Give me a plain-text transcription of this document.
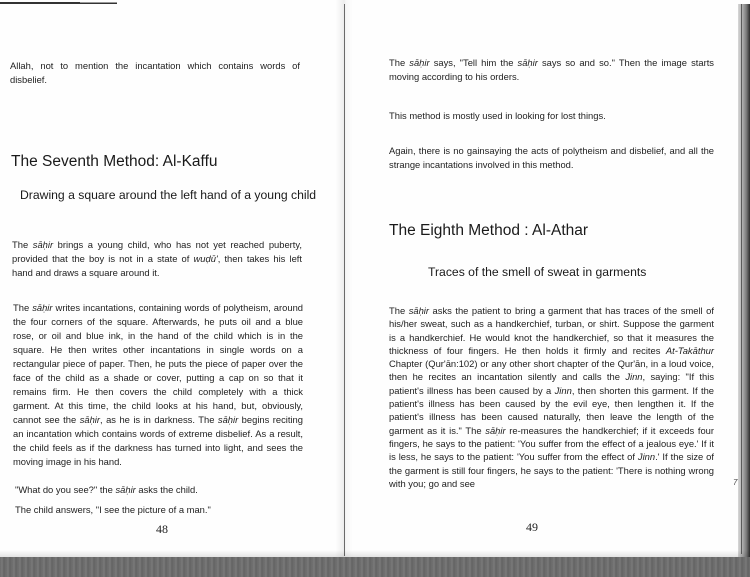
Allah, not to mention the incantation which contains words of disbelief.

The Seventh Method: Al-Kaffu
Drawing a square around the left hand of a young child

The sāḥir brings a young child, who has not yet reached puberty, provided that the boy is not in a state of wuḍū', then takes his left hand and draws a square around it.

The sāḥir writes incantations, containing words of polytheism, around the four corners of the square. Afterwards, he puts oil and a blue rose, or oil and blue ink, in the hand of the child which is in the square. He then writes other incantations in single words on a rectangular piece of paper. Then, he puts the piece of paper over the face of the child as a shade or cover, putting a cap on so that it remains firm. He then covers the child completely with a thick garment. At this time, the child looks at his hand, but, obviously, cannot see the sāḥir, as he is in darkness. The sāḥir begins reciting an incantation which contains words of extreme disbelief. As a result, the child feels as if the darkness has turned into light, and sees the moving image in his hand.

"What do you see?" the sāḥir asks the child.

The child answers, "I see the picture of a man."

48

The sāḥir says, "Tell him the sāḥir says so and so." Then the image starts moving according to his orders.

This method is mostly used in looking for lost things.

Again, there is no gainsaying the acts of polytheism and disbelief, and all the strange incantations involved in this method.

The Eighth Method : Al-Athar
Traces of the smell of sweat in garments

The sāḥir asks the patient to bring a garment that has traces of the smell of his/her sweat, such as a handkerchief, turban, or shirt. Suppose the garment is a handkerchief. He would knot the handkerchief, so that it measures the thickness of four fingers. He then holds it firmly and recites At-Takāthur Chapter (Qur'ān:102) or any other short chapter of the Qur'ān, in a loud voice, then he recites an incantation silently and calls the Jinn, saying: "If this patient's illness has been caused by a Jinn, then shorten this garment. If the patient's illness has been caused by the evil eye, then lengthen it. If the patient's illness has been caused naturally, then leave the length of the garment as it is." The sāḥir re-measures the handkerchief; if it exceeds four fingers, he says to the patient: 'You suffer from the effect of a jealous eye.' If it is less, he says to the patient: 'You suffer from the effect of Jinn.' If the size of the garment is still four fingers, he says to the patient: 'There is nothing wrong with you; go and see	7
49
